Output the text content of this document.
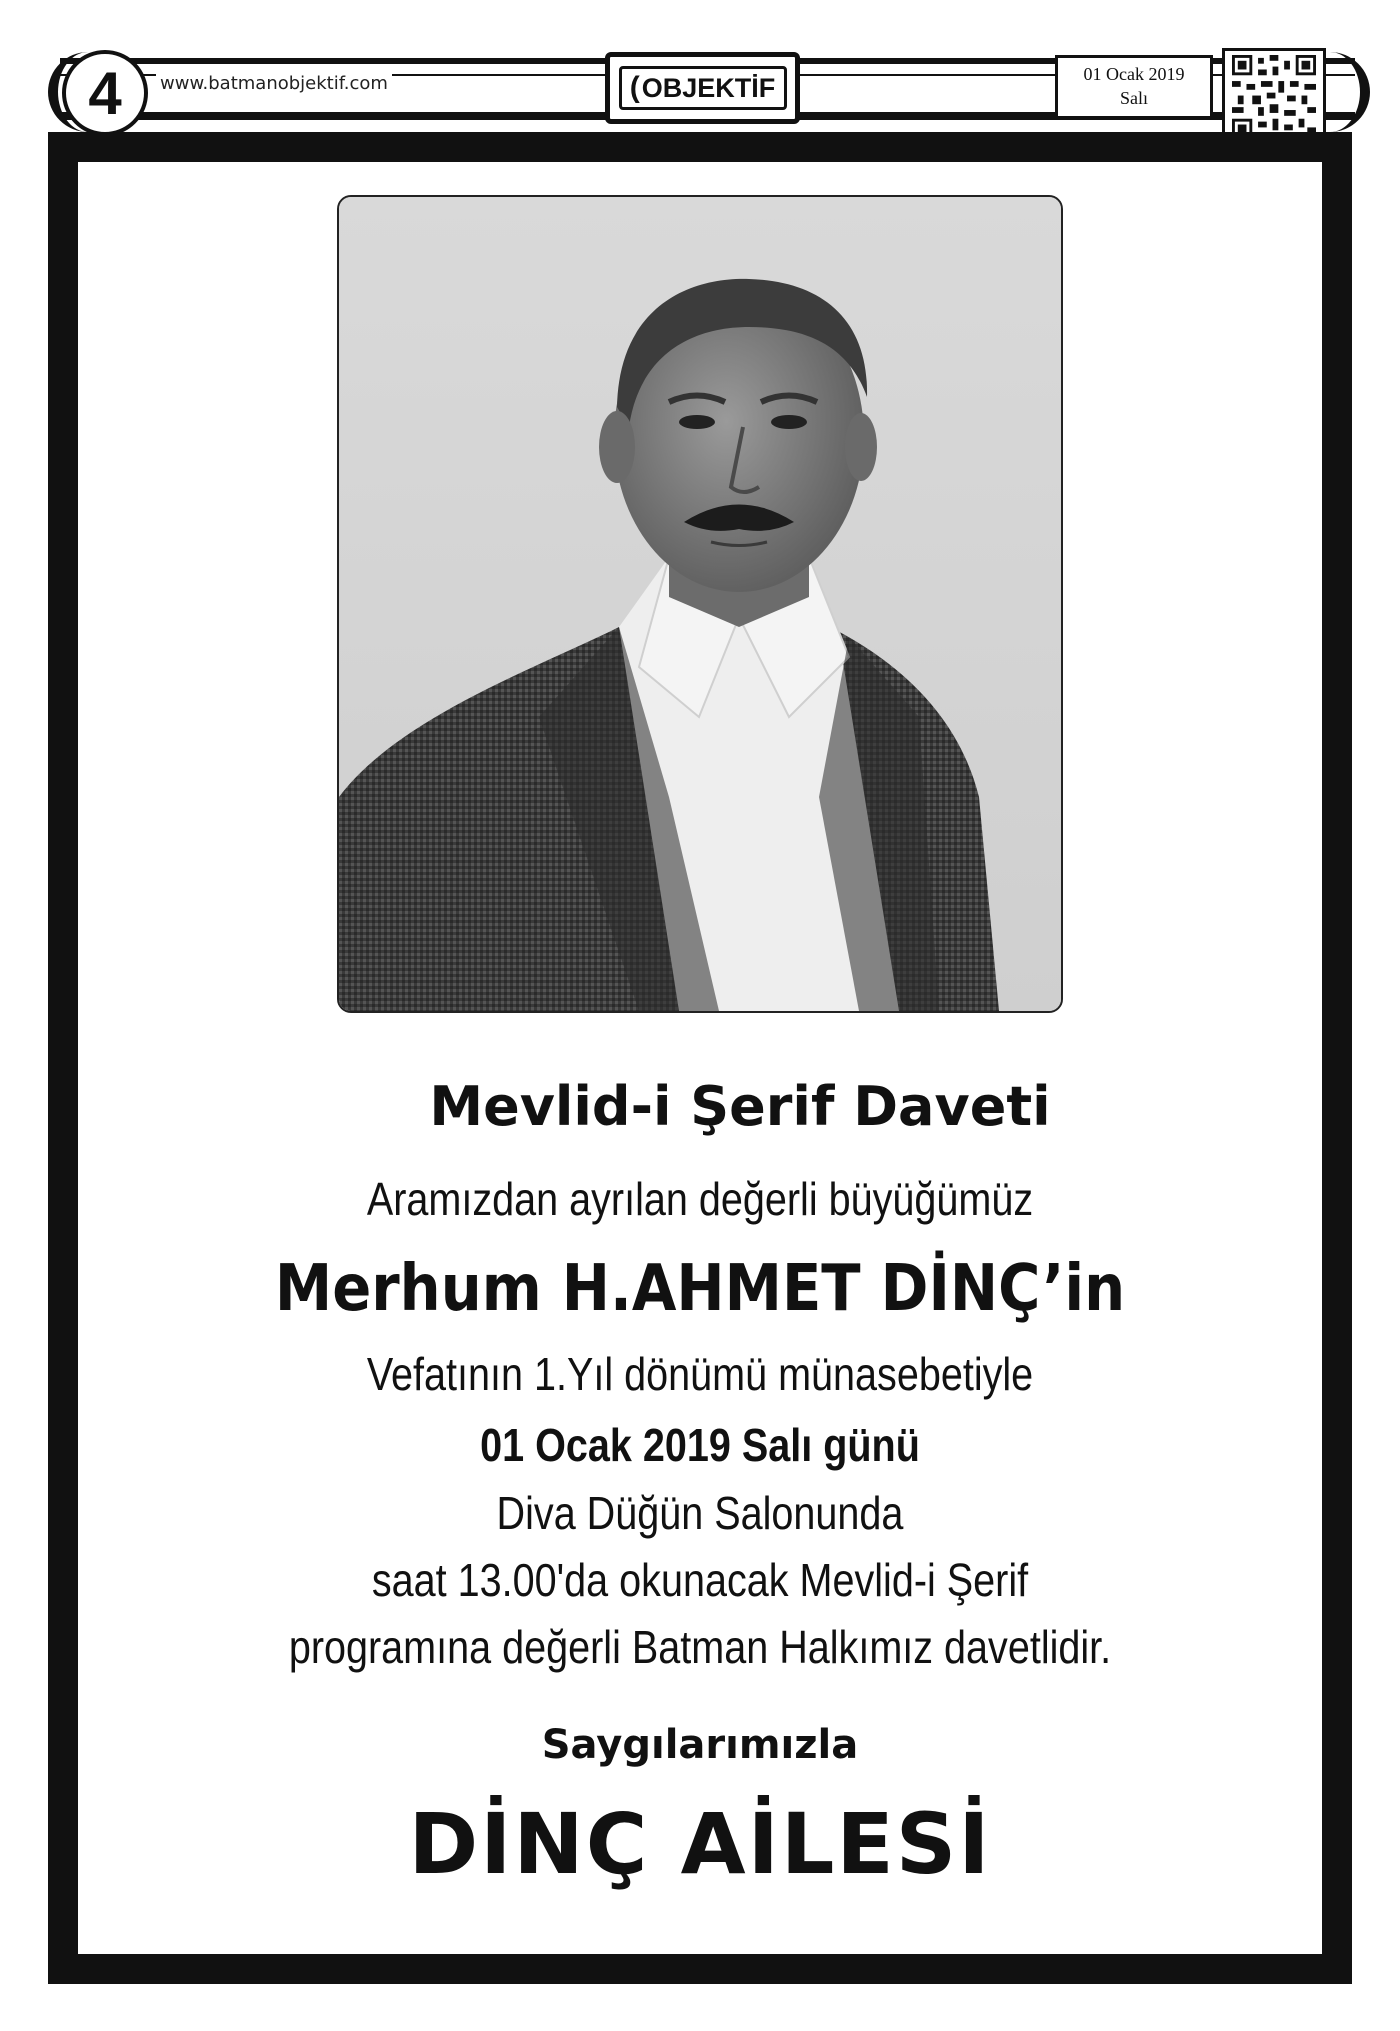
4	www.batmanobjektif.com	( OBJEKTİF	01 Ocak 2019
Salı
Mevlid-i Şerif Daveti
Aramızdan ayrılan değerli büyüğümüz
Merhum H.AHMET DİNÇ’in
Vefatının 1.Yıl dönümü münasebetiyle
01 Ocak 2019 Salı günü
Diva Düğün Salonunda
saat 13.00'da okunacak Mevlid-i Şerif
programına değerli Batman Halkımız davetlidir.
Saygılarımızla
DİNÇ AİLESİ
